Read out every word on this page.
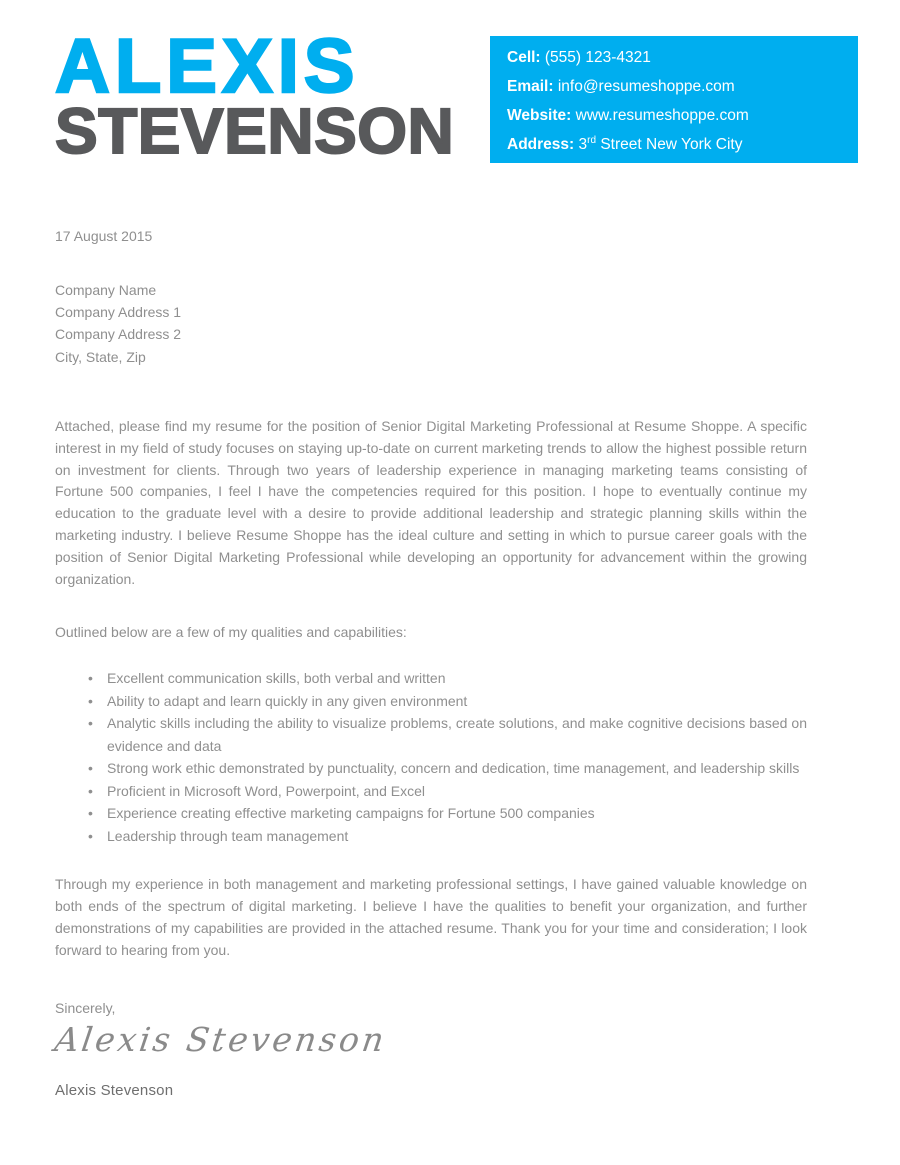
ALEXIS
STEVENSON
Cell: (555) 123-4321
Email: info@resumeshoppe.com
Website: www.resumeshoppe.com
Address: 3rd Street New York City
17 August 2015
Company Name
Company Address 1
Company Address 2
City, State, Zip
Attached, please find my resume for the position of Senior Digital Marketing Professional at Resume Shoppe. A specific interest in my field of study focuses on staying up-to-date on current marketing trends to allow the highest possible return on investment for clients. Through two years of leadership experience in managing marketing teams consisting of Fortune 500 companies, I feel I have the competencies required for this position. I hope to eventually continue my education to the graduate level with a desire to provide additional leadership and strategic planning skills within the marketing industry. I believe Resume Shoppe has the ideal culture and setting in which to pursue career goals with the position of Senior Digital Marketing Professional while developing an opportunity for advancement within the growing organization.
Outlined below are a few of my qualities and capabilities:
• Excellent communication skills, both verbal and written
• Ability to adapt and learn quickly in any given environment
• Analytic skills including the ability to visualize problems, create solutions, and make cognitive decisions based on evidence and data
• Strong work ethic demonstrated by punctuality, concern and dedication, time management, and leadership skills
• Proficient in Microsoft Word, Powerpoint, and Excel
• Experience creating effective marketing campaigns for Fortune 500 companies
• Leadership through team management
Through my experience in both management and marketing professional settings, I have gained valuable knowledge on both ends of the spectrum of digital marketing. I believe I have the qualities to benefit your organization, and further demonstrations of my capabilities are provided in the attached resume. Thank you for your time and consideration; I look forward to hearing from you.
Sincerely,
Alexis Stevenson
Alexis Stevenson
